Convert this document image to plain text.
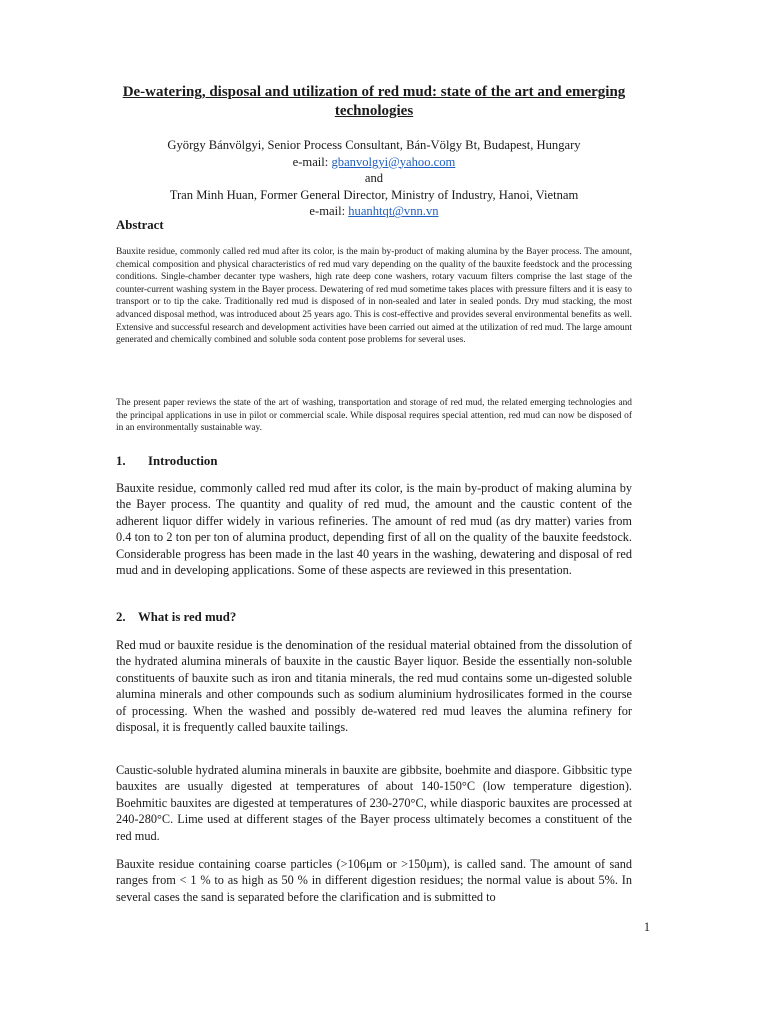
De-watering, disposal and utilization of red mud: state of the art and emerging technologies
György Bánvölgyi, Senior Process Consultant, Bán-Völgy Bt, Budapest, Hungary
e-mail: gbanvolgyi@yahoo.com
and
Tran Minh Huan, Former General Director, Ministry of Industry, Hanoi, Vietnam
e-mail: huanhtqt@vnn.vn
Abstract

Bauxite residue, commonly called red mud after its color, is the main by-product of making alumina by the Bayer process. The amount, chemical composition and physical characteristics of red mud vary depending on the quality of the bauxite feedstock and the processing conditions. Single-chamber decanter type washers, high rate deep cone washers, rotary vacuum filters comprise the last stage of the counter-current washing system in the Bayer process. Dewatering of red mud sometime takes places with pressure filters and it is easy to transport or to tip the cake. Traditionally red mud is disposed of in non-sealed and later in sealed ponds. Dry mud stacking, the most advanced disposal method, was introduced about 25 years ago. This is cost-effective and provides several environmental benefits as well. Extensive and successful research and development activities have been carried out aimed at the utilization of red mud. The large amount generated and chemically combined and soluble soda content pose problems for several uses.

The present paper reviews the state of the art of washing, transportation and storage of red mud, the related emerging technologies and the principal applications in use in pilot or commercial scale. While disposal requires special attention, red mud can now be disposed of in an environmentally sustainable way.

1. Introduction

Bauxite residue, commonly called red mud after its color, is the main by-product of making alumina by the Bayer process. The quantity and quality of red mud, the amount and the caustic content of the adherent liquor differ widely in various refineries. The amount of red mud (as dry matter) varies from 0.4 ton to 2 ton per ton of alumina product, depending first of all on the quality of the bauxite feedstock. Considerable progress has been made in the last 40 years in the washing, dewatering and disposal of red mud and in developing applications. Some of these aspects are reviewed in this presentation.

2. What is red mud?

Red mud or bauxite residue is the denomination of the residual material obtained from the dissolution of the hydrated alumina minerals of bauxite in the caustic Bayer liquor. Beside the essentially non-soluble constituents of bauxite such as iron and titania minerals, the red mud contains some un-digested soluble alumina minerals and other compounds such as sodium aluminium hydrosilicates formed in the course of processing. When the washed and possibly de-watered red mud leaves the alumina refinery for disposal, it is frequently called bauxite tailings.

Caustic-soluble hydrated alumina minerals in bauxite are gibbsite, boehmite and diaspore. Gibbsitic type bauxites are usually digested at temperatures of about 140-150°C (low temperature digestion). Boehmitic bauxites are digested at temperatures of 230-270°C, while diasporic bauxites are processed at 240-280°C. Lime used at different stages of the Bayer process ultimately becomes a constituent of the red mud.

Bauxite residue containing coarse particles (>106μm or >150μm), is called sand. The amount of sand ranges from < 1 % to as high as 50 % in different digestion residues; the normal value is about 5%. In several cases the sand is separated before the clarification and is submitted to

1
